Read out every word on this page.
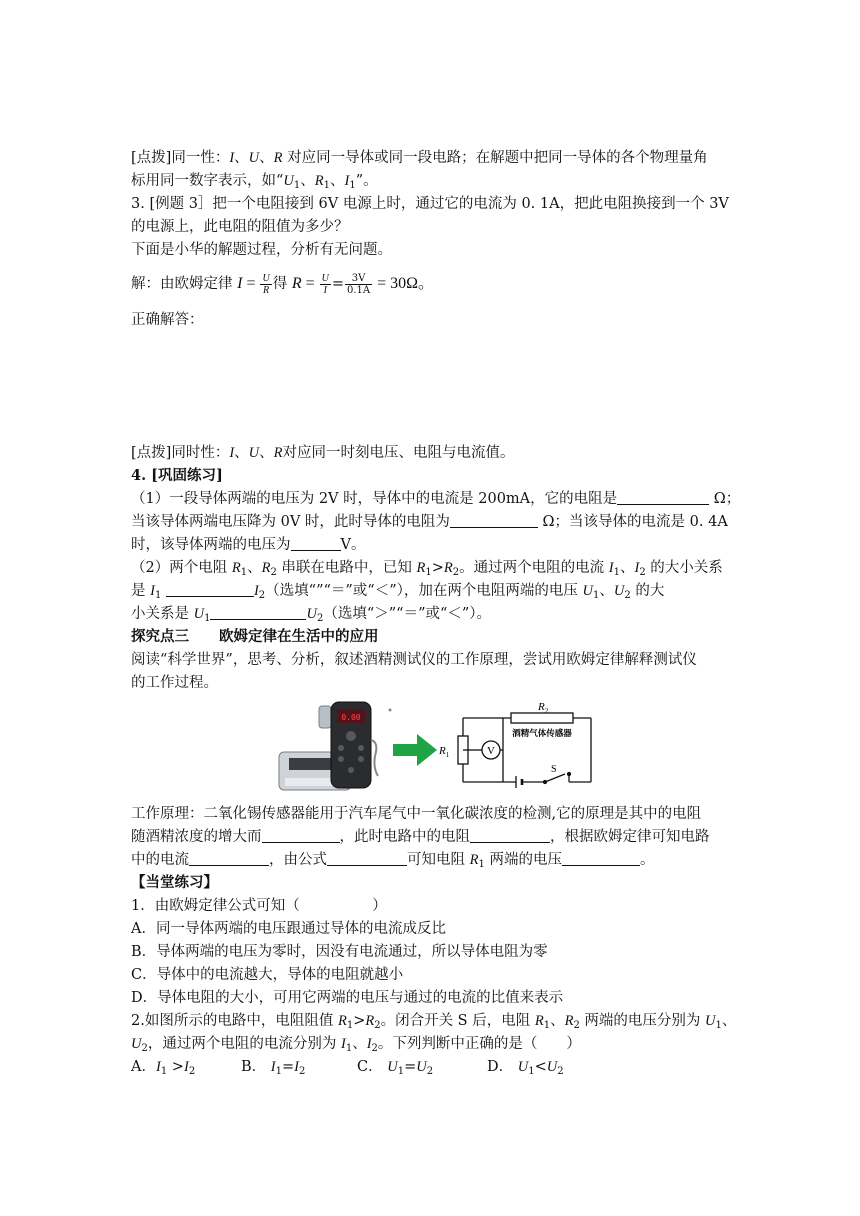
[点拨]同一性：I、U、R 对应同一导体或同一段电路；在解题中把同一导体的各个物理量角
标用同一数字表示，如“$U_1$、$R_1$、$I_1$”。
3. [例题 3］把一个电阻接到 6V 电源上时，通过它的电流为 0. 1A，把此电阻换接到一个 3V
的电源上，此电阻的阻值为多少？
下面是小华的解题过程，分析有无问题。
解：由欧姆定律 $I = \frac{U}{R}$ 得 $R = \frac{U}{I} = \frac{3V}{0.1A} = 30\Omega$。
正确解答：
[点拨]同时性：I、U、R对应同一时刻电压、电阻与电流值。
4. [巩固练习]
（1）一段导体两端的电压为 2V 时，导体中的电流是 200mA，它的电阻是	Ω；
当该导体两端电压降为 0V 时，此时导体的电阻为	Ω；当该导体的电流是 0. 4A
时，该导体两端的电压为	V。
（2）两个电阻 $R_1$、$R_2$ 串联在电路中，已知 $R_1>R_2$。通过两个电阻的电流 $I_1$、$I_2$ 的大小关系
是 $I_1$	$I_2$（选填“”“＝”或“＜”），加在两个电阻两端的电压 $U_1$、$U_2$ 的大
小关系是 $U_1$	$U_2$（选填“＞”“＝”或“＜”）。
探究点三 欧姆定律在生活中的应用
阅读“科学世界”，思考、分析，叙述酒精测试仪的工作原理，尝试用欧姆定律解释测试仪
的工作过程。
0.00
V
$R_2$
酒精气体传感器
$R_1$
S
工作原理：二氧化锡传感器能用于汽车尾气中一氧化碳浓度的检测,它的原理是其中的电阻
随酒精浓度的增大而	，此时电路中的电阻	，根据欧姆定律可知电路
中的电流	，由公式	可知电阻 $R_1$ 两端的电压	。
【当堂练习】
1．由欧姆定律公式可知（　　　　　）
A．同一导体两端的电压跟通过导体的电流成反比
B．导体两端的电压为零时，因没有电流通过，所以导体电阻为零
C．导体中的电流越大，导体的电阻就越小
D．导体电阻的大小，可用它两端的电压与通过的电流的比值来表示
2.如图所示的电路中，电阻阻值 $R_1>R_2$。闭合开关 S 后，电阻 $R_1$、$R_2$ 两端的电压分别为 $U_1$、
$U_2$，通过两个电阻的电流分别为 $I_1$、$I_2$。下列判断中正确的是（　　）
A．$I_1 >I_2$	B． $I_1=I_2$	C． $U_1=U_2$	D． $U_1<U_2$
